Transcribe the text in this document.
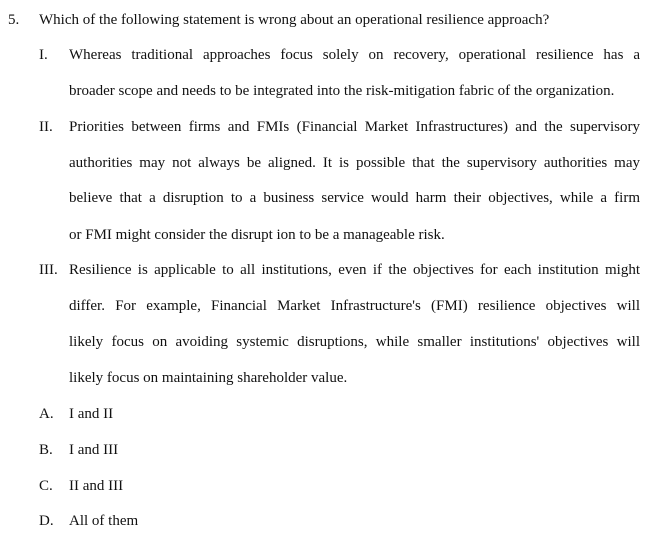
5. Which of the following statement is wrong about an operational resilience approach?
I. Whereas traditional approaches focus solely on recovery, operational resilience has a
broader scope and needs to be integrated into the risk-mitigation fabric of the organization.
II. Priorities between firms and FMIs (Financial Market Infrastructures) and the supervisory
authorities may not always be aligned. It is possible that the supervisory authorities may
believe that a disruption to a business service would harm their objectives, while a firm
or FMI might consider the disrupt ion to be a manageable risk.
III. Resilience is applicable to all institutions, even if the objectives for each institution might
differ. For example, Financial Market Infrastructure's (FMI) resilience objectives will
likely focus on avoiding systemic disruptions, while smaller institutions' objectives will
likely focus on maintaining shareholder value.
A. I and II
B. I and III
C. II and III
D. All of them
